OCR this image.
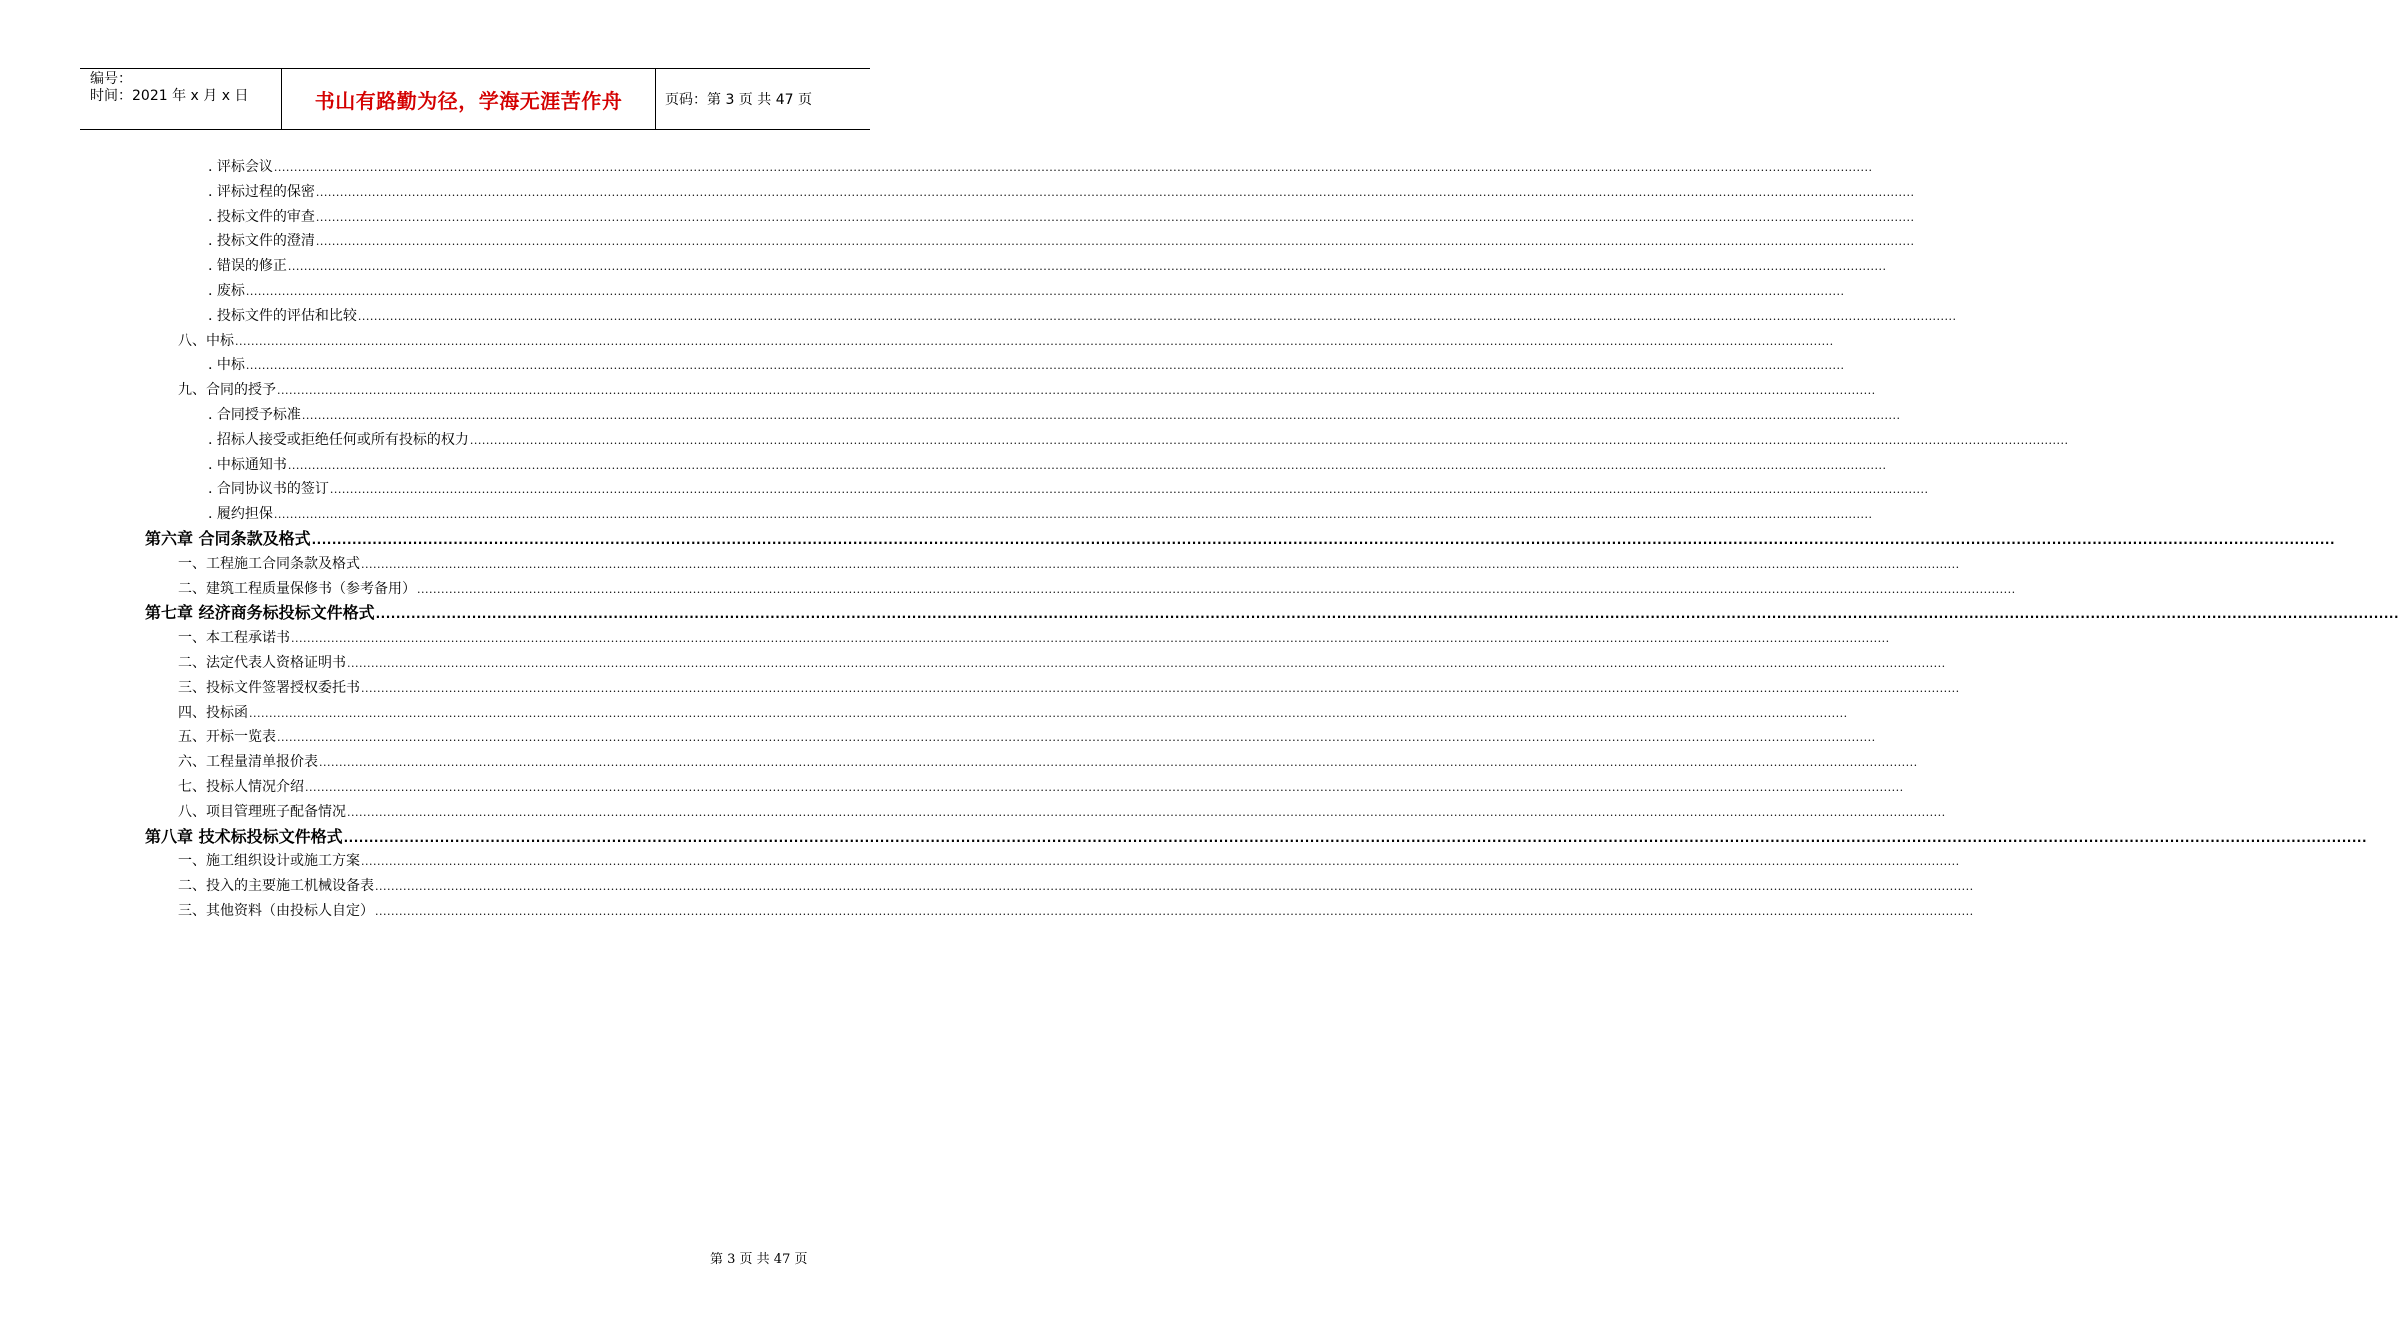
编号：
时间：2021 年 x 月 x 日	书山有路勤为径，学海无涯苦作舟	页码：第 3 页 共 47 页
. 评标会议 ................................................................................................................................................................................................................................................................................................................................................................................................................
. 评标过程的保密 ................................................................................................................................................................................................................................................................................................................................................................................................................
. 投标文件的审查 ................................................................................................................................................................................................................................................................................................................................................................................................................
. 投标文件的澄清 ................................................................................................................................................................................................................................................................................................................................................................................................................
. 错误的修正 ................................................................................................................................................................................................................................................................................................................................................................................................................
. 废标 ................................................................................................................................................................................................................................................................................................................................................................................................................
. 投标文件的评估和比较 ................................................................................................................................................................................................................................................................................................................................................................................................................
八、中标 ................................................................................................................................................................................................................................................................................................................................................................................................................
. 中标 ................................................................................................................................................................................................................................................................................................................................................................................................................
九、合同的授予 ................................................................................................................................................................................................................................................................................................................................................................................................................
. 合同授予标准 ................................................................................................................................................................................................................................................................................................................................................................................................................
. 招标人接受或拒绝任何或所有投标的权力 ................................................................................................................................................................................................................................................................................................................................................................................................................
. 中标通知书 ................................................................................................................................................................................................................................................................................................................................................................................................................
. 合同协议书的签订 ................................................................................................................................................................................................................................................................................................................................................................................................................
. 履约担保 ................................................................................................................................................................................................................................................................................................................................................................................................................
第六章 合同条款及格式 ................................................................................................................................................................................................................................................................................................................................................................................................................
一、工程施工合同条款及格式 ................................................................................................................................................................................................................................................................................................................................................................................................................
二、建筑工程质量保修书（参考备用） ................................................................................................................................................................................................................................................................................................................................................................................................................
第七章 经济商务标投标文件格式 ................................................................................................................................................................................................................................................................................................................................................................................................................
一、本工程承诺书 ................................................................................................................................................................................................................................................................................................................................................................................................................
二、法定代表人资格证明书 ................................................................................................................................................................................................................................................................................................................................................................................................................
三、投标文件签署授权委托书 ................................................................................................................................................................................................................................................................................................................................................................................................................
四、投标函 ................................................................................................................................................................................................................................................................................................................................................................................................................
五、开标一览表 ................................................................................................................................................................................................................................................................................................................................................................................................................
六、工程量清单报价表 ................................................................................................................................................................................................................................................................................................................................................................................................................
七、投标人情况介绍 ................................................................................................................................................................................................................................................................................................................................................................................................................
八、项目管理班子配备情况 ................................................................................................................................................................................................................................................................................................................................................................................................................
第八章 技术标投标文件格式 ................................................................................................................................................................................................................................................................................................................................................................................................................
一、施工组织设计或施工方案 ................................................................................................................................................................................................................................................................................................................................................................................................................
二、投入的主要施工机械设备表 ................................................................................................................................................................................................................................................................................................................................................................................................................
三、其他资料（由投标人自定） ................................................................................................................................................................................................................................................................................................................................................................................................................
第 3 页 共 47 页
